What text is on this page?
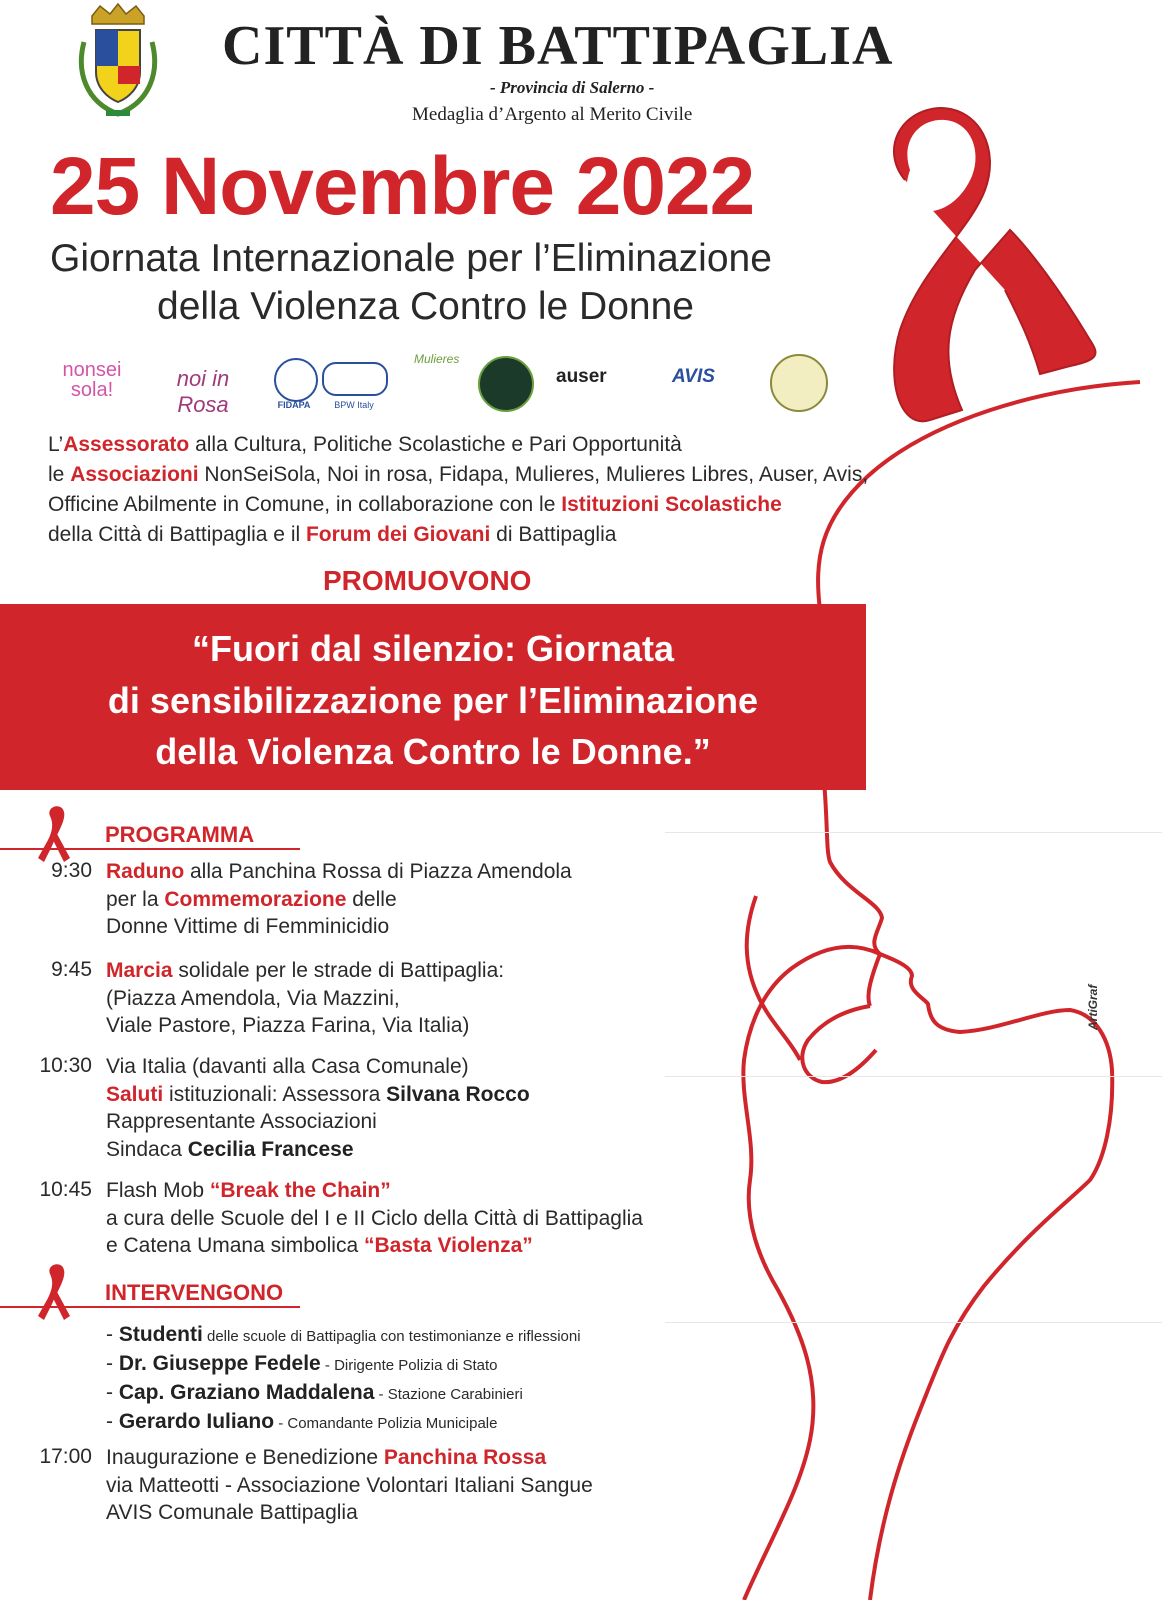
CITTÀ DI BATTIPAGLIA
- Provincia di Salerno -
Medaglia d’Argento al Merito Civile
25 Novembre 2022
Giornata Internazionale per l’Eliminazione
della Violenza Contro le Donne
nonsei
sola!	noi in Rosa	FIDAPA	BPW Italy
Mulieres
auser	AVIS
L’Assessorato alla Cultura, Politiche Scolastiche e Pari Opportunità
le Associazioni NonSeiSola, Noi in rosa, Fidapa, Mulieres, Mulieres Libres, Auser, Avis,
Officine Abilmente in Comune, in collaborazione con le Istituzioni Scolastiche
della Città di Battipaglia e il Forum dei Giovani di Battipaglia
PROMUOVONO
“Fuori dal silenzio: Giornata
di sensibilizzazione per l’Eliminazione
della Violenza Contro le Donne.”
PROGRAMMA
9:30 Raduno alla Panchina Rossa di Piazza Amendola
per la Commemorazione delle
Donne Vittime di Femminicidio
9:45 Marcia solidale per le strade di Battipaglia:
(Piazza Amendola, Via Mazzini,
Viale Pastore, Piazza Farina, Via Italia)
10:30 Via Italia (davanti alla Casa Comunale)
Saluti istituzionali: Assessora Silvana Rocco
Rappresentante Associazioni
Sindaca Cecilia Francese
10:45 Flash Mob “Break the Chain”
a cura delle Scuole del I e II Ciclo della Città di Battipaglia
e Catena Umana simbolica “Basta Violenza”
INTERVENGONO
- Studenti delle scuole di Battipaglia con testimonianze e riflessioni
- Dr. Giuseppe Fedele - Dirigente Polizia di Stato
- Cap. Graziano Maddalena - Stazione Carabinieri
- Gerardo Iuliano - Comandante Polizia Municipale
17:00 Inaugurazione e Benedizione Panchina Rossa
via Matteotti - Associazione Volontari Italiani Sangue
AVIS Comunale Battipaglia
ArtiGraf
